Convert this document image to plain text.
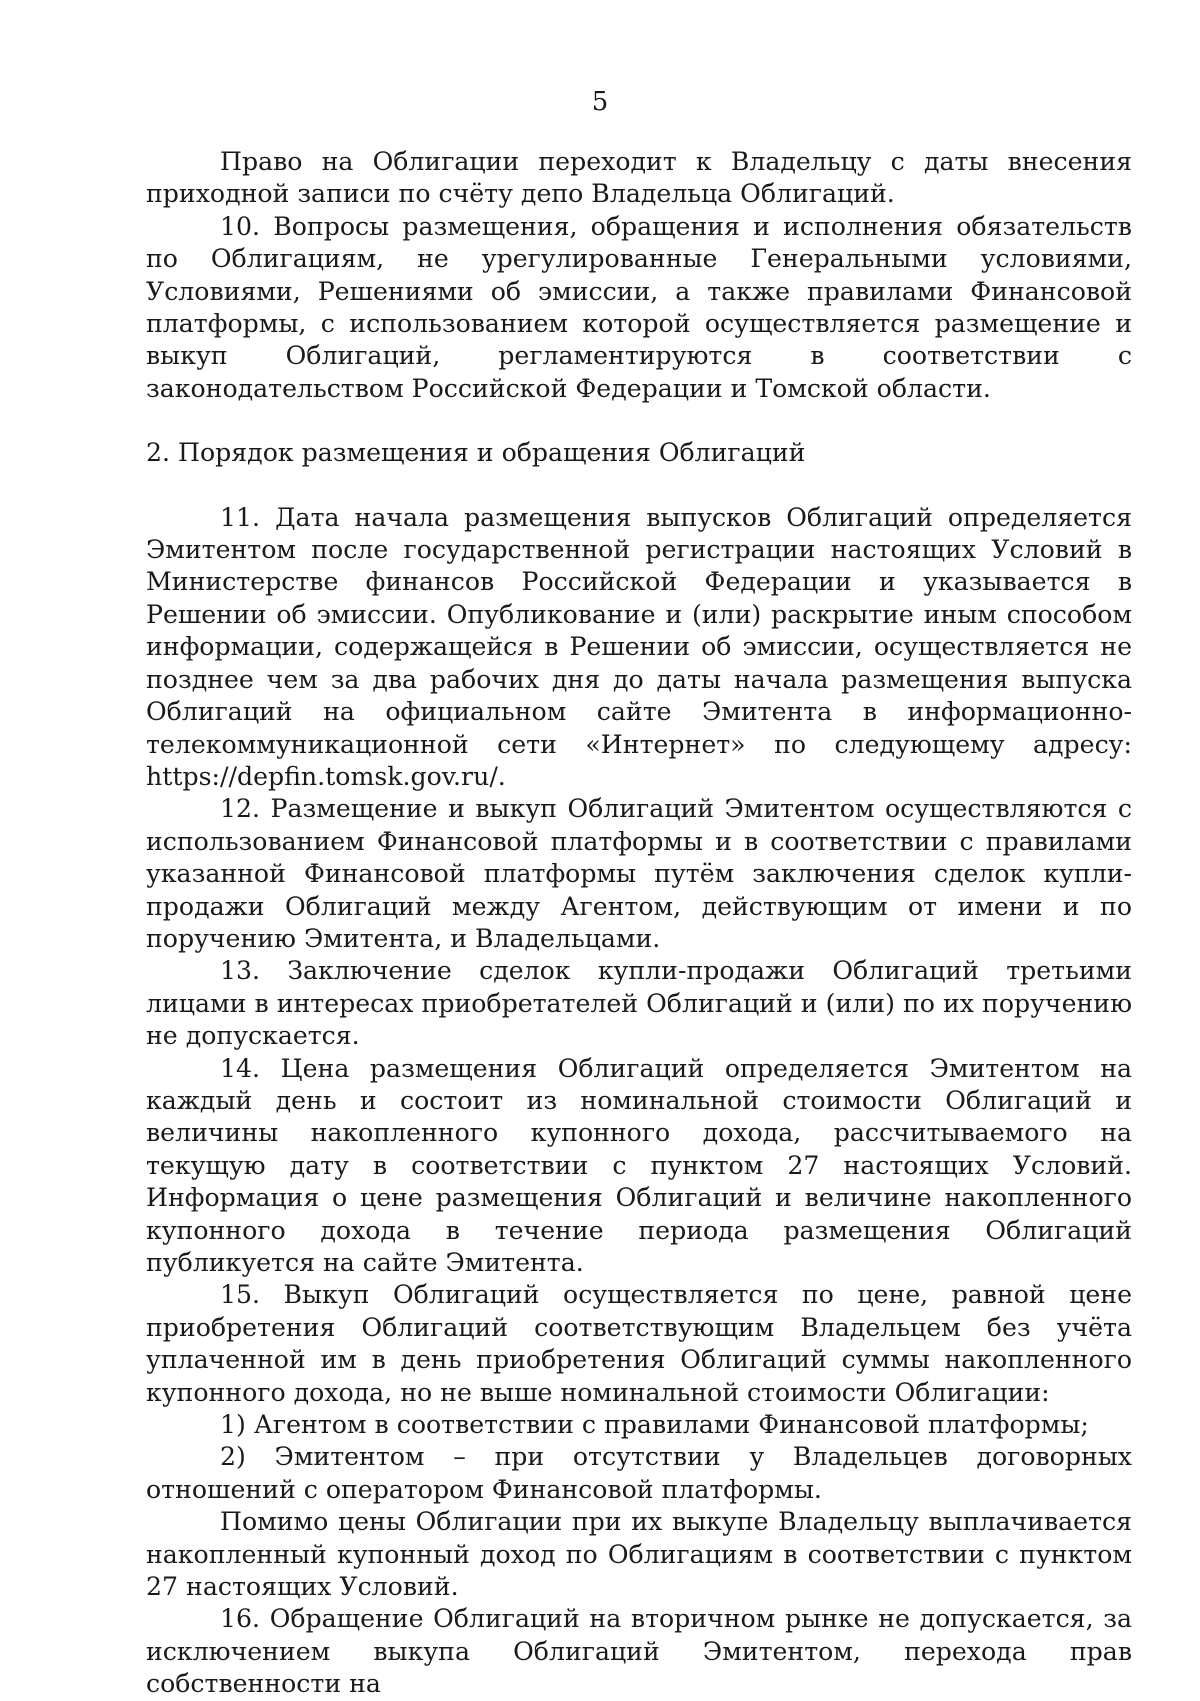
5

Право на Облигации переходит к Владельцу с даты внесения приходной записи по счёту депо Владельца Облигаций.

10. Вопросы размещения, обращения и исполнения обязательств по Облигациям, не урегулированные Генеральными условиями, Условиями, Решениями об эмиссии, а также правилами Финансовой платформы, с использованием которой осуществляется размещение и выкуп Облигаций, регламентируются в соответствии с законодательством Российской Федерации и Томской области.

2. Порядок размещения и обращения Облигаций

11. Дата начала размещения выпусков Облигаций определяется Эмитентом после государственной регистрации настоящих Условий в Министерстве финансов Российской Федерации и указывается в Решении об эмиссии. Опубликование и (или) раскрытие иным способом информации, содержащейся в Решении об эмиссии, осуществляется не позднее чем за два рабочих дня до даты начала размещения выпуска Облигаций на официальном сайте Эмитента в информационно-телекоммуникационной сети «Интернет» по следующему адресу: https://depfin.tomsk.gov.ru/.

12. Размещение и выкуп Облигаций Эмитентом осуществляются с использованием Финансовой платформы и в соответствии с правилами указанной Финансовой платформы путём заключения сделок купли-продажи Облигаций между Агентом, действующим от имени и по поручению Эмитента, и Владельцами.

13. Заключение сделок купли-продажи Облигаций третьими лицами в интересах приобретателей Облигаций и (или) по их поручению не допускается.

14. Цена размещения Облигаций определяется Эмитентом на каждый день и состоит из номинальной стоимости Облигаций и величины накопленного купонного дохода, рассчитываемого на текущую дату в соответствии с пунктом 27 настоящих Условий. Информация о цене размещения Облигаций и величине накопленного купонного дохода в течение периода размещения Облигаций публикуется на сайте Эмитента.

15. Выкуп Облигаций осуществляется по цене, равной цене приобретения Облигаций соответствующим Владельцем без учёта уплаченной им в день приобретения Облигаций суммы накопленного купонного дохода, но не выше номинальной стоимости Облигации:

1) Агентом в соответствии с правилами Финансовой платформы;

2) Эмитентом – при отсутствии у Владельцев договорных отношений с оператором Финансовой платформы.

Помимо цены Облигации при их выкупе Владельцу выплачивается накопленный купонный доход по Облигациям в соответствии с пунктом 27 настоящих Условий.

16. Обращение Облигаций на вторичном рынке не допускается, за исключением выкупа Облигаций Эмитентом, перехода прав собственности на
